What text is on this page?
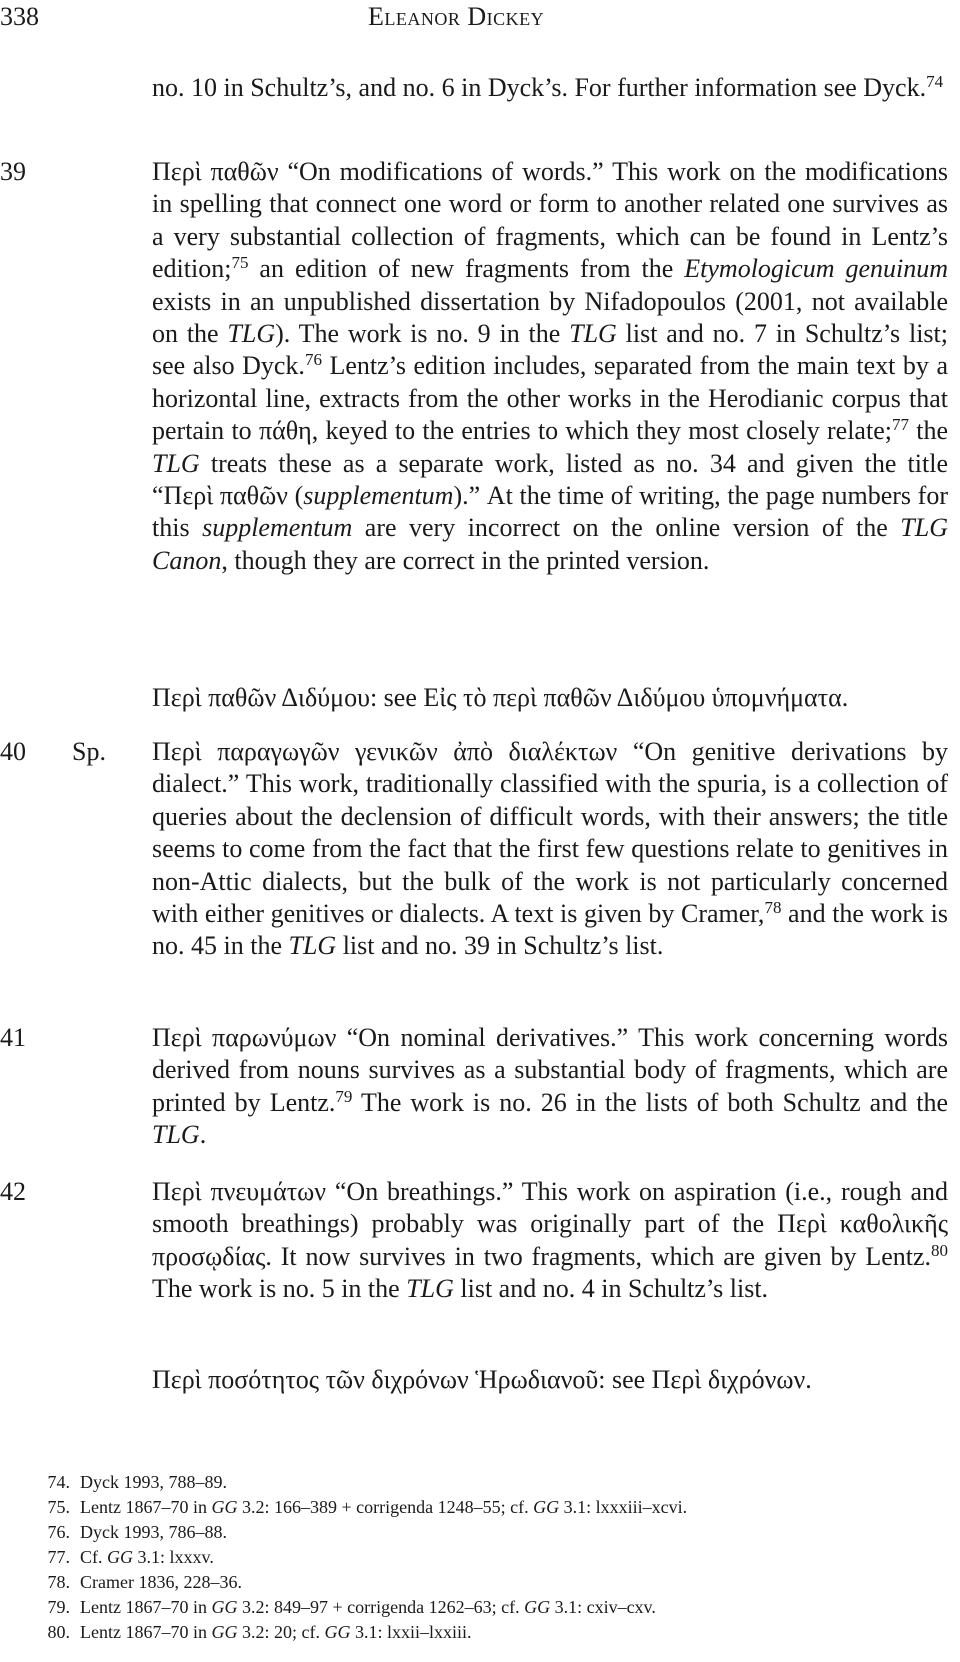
338	Eleanor Dickey

no. 10 in Schultz’s, and no. 6 in Dyck’s. For further information see Dyck.$^{74}$

39	Περὶ παθῶν “On modifications of words.” This work on the modifications in spelling that connect one word or form to another related one survives as a very substantial collection of fragments, which can be found in Lentz’s edition;$^{75}$ an edition of new fragments from the Etymologicum genuinum exists in an unpublished dissertation by Nifadopoulos (2001, not available on the TLG). The work is no. 9 in the TLG list and no. 7 in Schultz’s list; see also Dyck.$^{76}$ Lentz’s edition includes, separated from the main text by a horizontal line, extracts from the other works in the Herodianic corpus that pertain to πάθη, keyed to the entries to which they most closely relate;$^{77}$ the TLG treats these as a separate work, listed as no. 34 and given the title “Περὶ παθῶν (supplementum).” At the time of writing, the page numbers for this supplementum are very incorrect on the online version of the TLG Canon, though they are correct in the printed version.

Περὶ παθῶν Διδύμου: see Εἰς τὸ περὶ παθῶν Διδύμου ὑπομνήματα.

40 Sp. Περὶ παραγωγῶν γενικῶν ἀπὸ διαλέκτων “On genitive derivations by dialect.” This work, traditionally classified with the spuria, is a collection of queries about the declension of difficult words, with their answers; the title seems to come from the fact that the first few questions relate to genitives in non-Attic dialects, but the bulk of the work is not particularly concerned with either genitives or dialects. A text is given by Cramer,$^{78}$ and the work is no. 45 in the TLG list and no. 39 in Schultz’s list.

41	Περὶ παρωνύμων “On nominal derivatives.” This work concerning words derived from nouns survives as a substantial body of fragments, which are printed by Lentz.$^{79}$ The work is no. 26 in the lists of both Schultz and the TLG.

42	Περὶ πνευμάτων “On breathings.” This work on aspiration (i.e., rough and smooth breathings) probably was originally part of the Περὶ καθολικῆς προσῳδίας. It now survives in two fragments, which are given by Lentz.$^{80}$ The work is no. 5 in the TLG list and no. 4 in Schultz’s list.

Περὶ ποσότητος τῶν διχρόνων Ἡρωδιανοῦ: see Περὶ διχρόνων.

74. Dyck 1993, 788–89.

75. Lentz 1867–70 in GG 3.2: 166–389 + corrigenda 1248–55; cf. GG 3.1: lxxxiii–xcvi.

76. Dyck 1993, 786–88.

77. Cf. GG 3.1: lxxxv.

78. Cramer 1836, 228–36.

79. Lentz 1867–70 in GG 3.2: 849–97 + corrigenda 1262–63; cf. GG 3.1: cxiv–cxv.

80. Lentz 1867–70 in GG 3.2: 20; cf. GG 3.1: lxxii–lxxiii.
